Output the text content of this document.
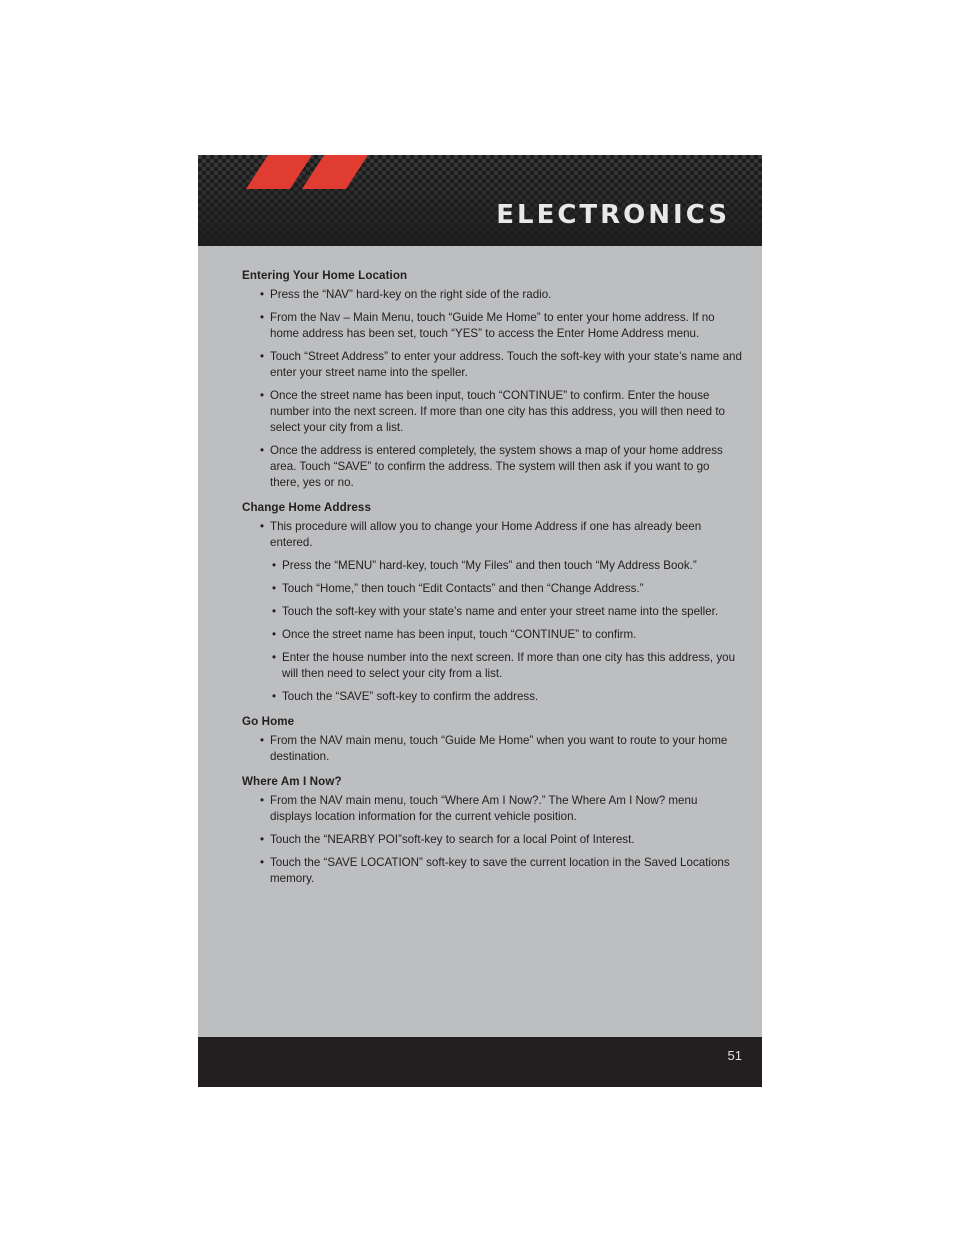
ELECTRONICS
Entering Your Home Location
• Press the “NAV” hard-key on the right side of the radio.
• From the Nav – Main Menu, touch “Guide Me Home” to enter your home address. If no home address has been set, touch “YES” to access the Enter Home Address menu.
• Touch “Street Address” to enter your address. Touch the soft-key with your state’s name and enter your street name into the speller.
• Once the street name has been input, touch “CONTINUE” to confirm. Enter the house number into the next screen. If more than one city has this address, you will then need to select your city from a list.
• Once the address is entered completely, the system shows a map of your home address area. Touch “SAVE” to confirm the address. The system will then ask if you want to go there, yes or no.
Change Home Address
• This procedure will allow you to change your Home Address if one has already been entered.
• Press the “MENU” hard-key, touch “My Files” and then touch “My Address Book.”
• Touch “Home,” then touch “Edit Contacts” and then “Change Address.”
• Touch the soft-key with your state’s name and enter your street name into the speller.
• Once the street name has been input, touch “CONTINUE” to confirm.
• Enter the house number into the next screen. If more than one city has this address, you will then need to select your city from a list.
• Touch the “SAVE” soft-key to confirm the address.
Go Home
• From the NAV main menu, touch “Guide Me Home” when you want to route to your home destination.
Where Am I Now?
• From the NAV main menu, touch “Where Am I Now?.” The Where Am I Now? menu displays location information for the current vehicle position.
• Touch the “NEARBY POI”soft-key to search for a local Point of Interest.
• Touch the “SAVE LOCATION” soft-key to save the current location in the Saved Locations memory.
51
